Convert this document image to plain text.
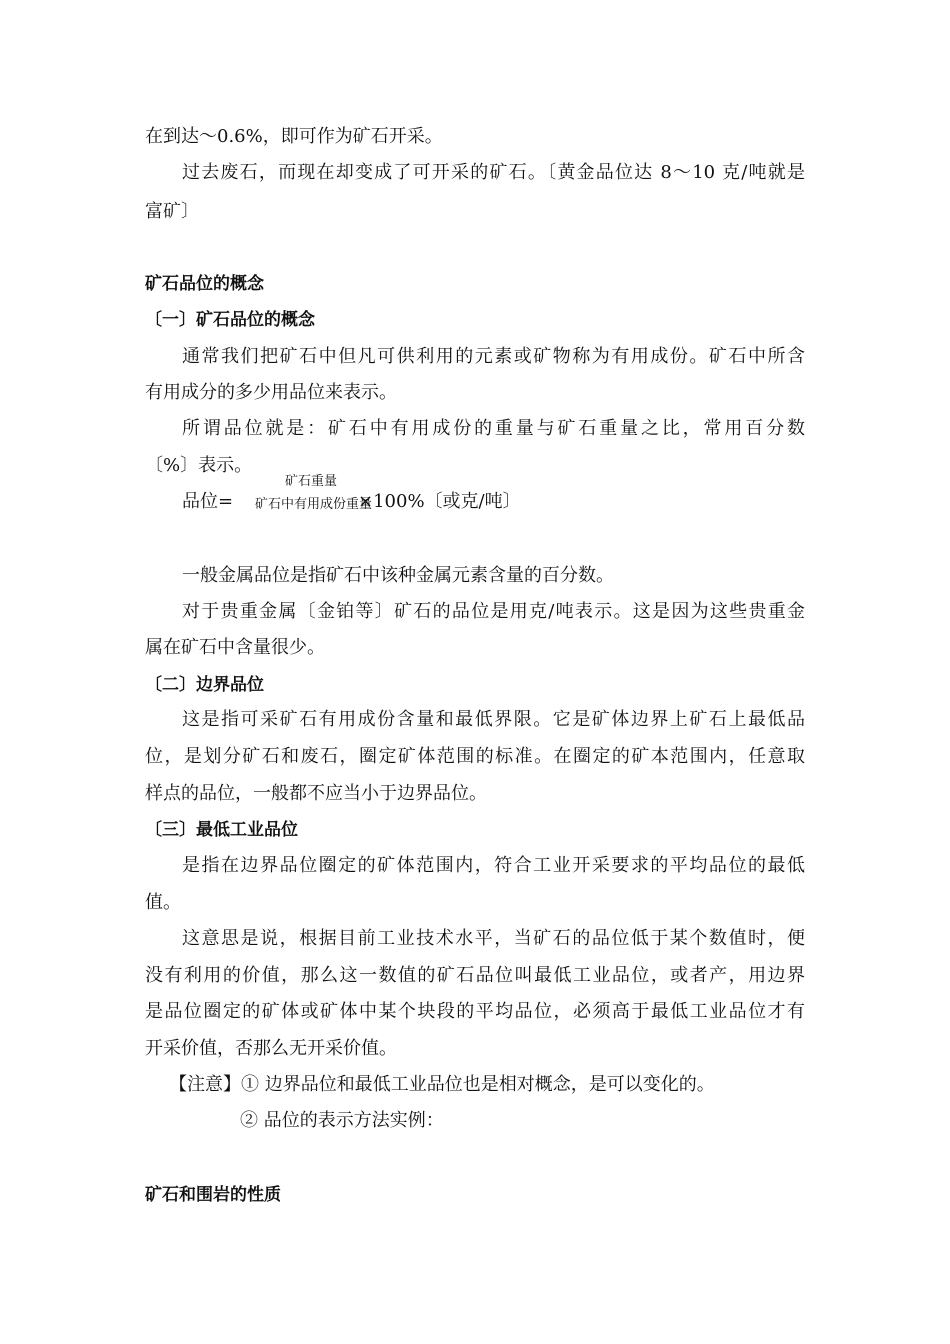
在到达～0.6%，即可作为矿石开采。
过去废石，而现在却变成了可开采的矿石。〔黄金品位达 8～10 克/吨就是
富矿〕
矿石品位的概念
〔一〕矿石品位的概念
通常我们把矿石中但凡可供利用的元素或矿物称为有用成份。矿石中所含
有用成分的多少用品位来表示。
所谓品位就是：矿石中有用成份的重量与矿石重量之比，常用百分数
〔%〕表示。
矿石重量
品位=	×100%〔或克/吨〕
矿石中有用成份重量
一般金属品位是指矿石中该种金属元素含量的百分数。
对于贵重金属〔金铂等〕矿石的品位是用克/吨表示。这是因为这些贵重金
属在矿石中含量很少。
〔二〕边界品位
这是指可采矿石有用成份含量和最低界限。它是矿体边界上矿石上最低品
位，是划分矿石和废石，圈定矿体范围的标准。在圈定的矿本范围内，任意取
样点的品位，一般都不应当小于边界品位。
〔三〕最低工业品位
是指在边界品位圈定的矿体范围内，符合工业开采要求的平均品位的最低
值。
这意思是说，根据目前工业技术水平，当矿石的品位低于某个数值时，便
没有利用的价值，那么这一数值的矿石品位叫最低工业品位，或者产，用边界
是品位圈定的矿体或矿体中某个块段的平均品位，必须高于最低工业品位才有
开采价值，否那么无开采价值。
【注意】① 边界品位和最低工业品位也是相对概念，是可以变化的。
② 品位的表示方法实例：
矿石和围岩的性质
